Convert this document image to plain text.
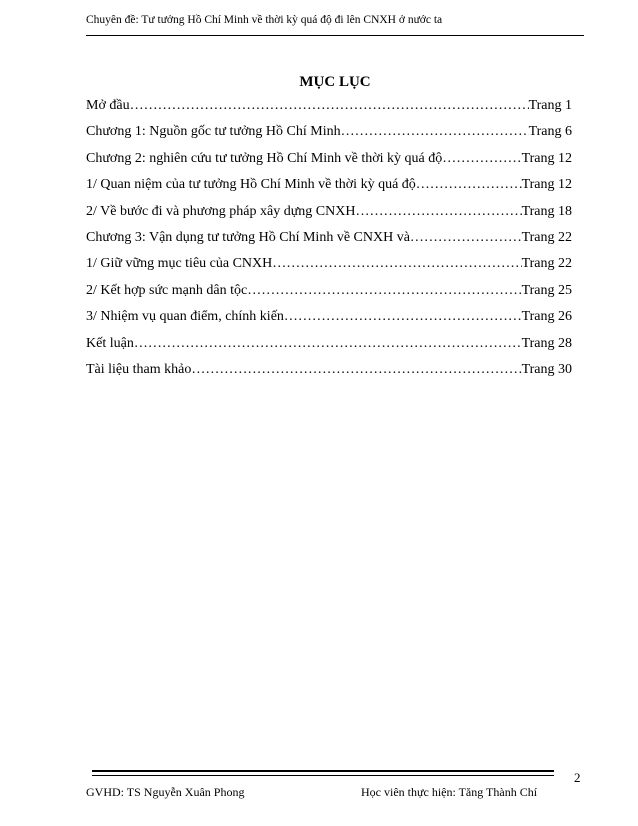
Chuyên đề: Tư tưởng Hồ Chí Minh về thời kỳ quá độ đi lên CNXH ở nước ta
MỤC LỤC
Mở đầu ……………………………………………………………………………………………………………………………………	Trang 1
Chương 1: Nguồn gốc tư tưởng Hồ Chí Minh ……………………………………………………………………………………………………………………………………	Trang 6
Chương 2: nghiên cứu tư tưởng Hồ Chí Minh về thời kỳ quá độ ……………………………………………………………………………………………………………………………………	Trang 12
1/ Quan niệm của tư tưởng Hồ Chí Minh về thời kỳ quá độ ……………………………………………………………………………………………………………………………………	Trang 12
2/ Về bước đi và phương pháp xây dựng CNXH ……………………………………………………………………………………………………………………………………	Trang 18
Chương 3: Vận dụng tư tưởng Hồ Chí Minh về CNXH và ……………………………………………………………………………………………………………………………………	Trang 22
1/ Giữ vững mục tiêu của CNXH ……………………………………………………………………………………………………………………………………	Trang 22
2/ Kết hợp sức mạnh dân tộc ……………………………………………………………………………………………………………………………………	Trang 25
3/ Nhiệm vụ quan điểm, chính kiến ……………………………………………………………………………………………………………………………………	Trang 26
Kết luận ……………………………………………………………………………………………………………………………………	Trang 28
Tài liệu tham khảo ……………………………………………………………………………………………………………………………………	Trang 30
2
GVHD: TS Nguyễn Xuân Phong	Học viên thực hiện: Tăng Thành Chí
